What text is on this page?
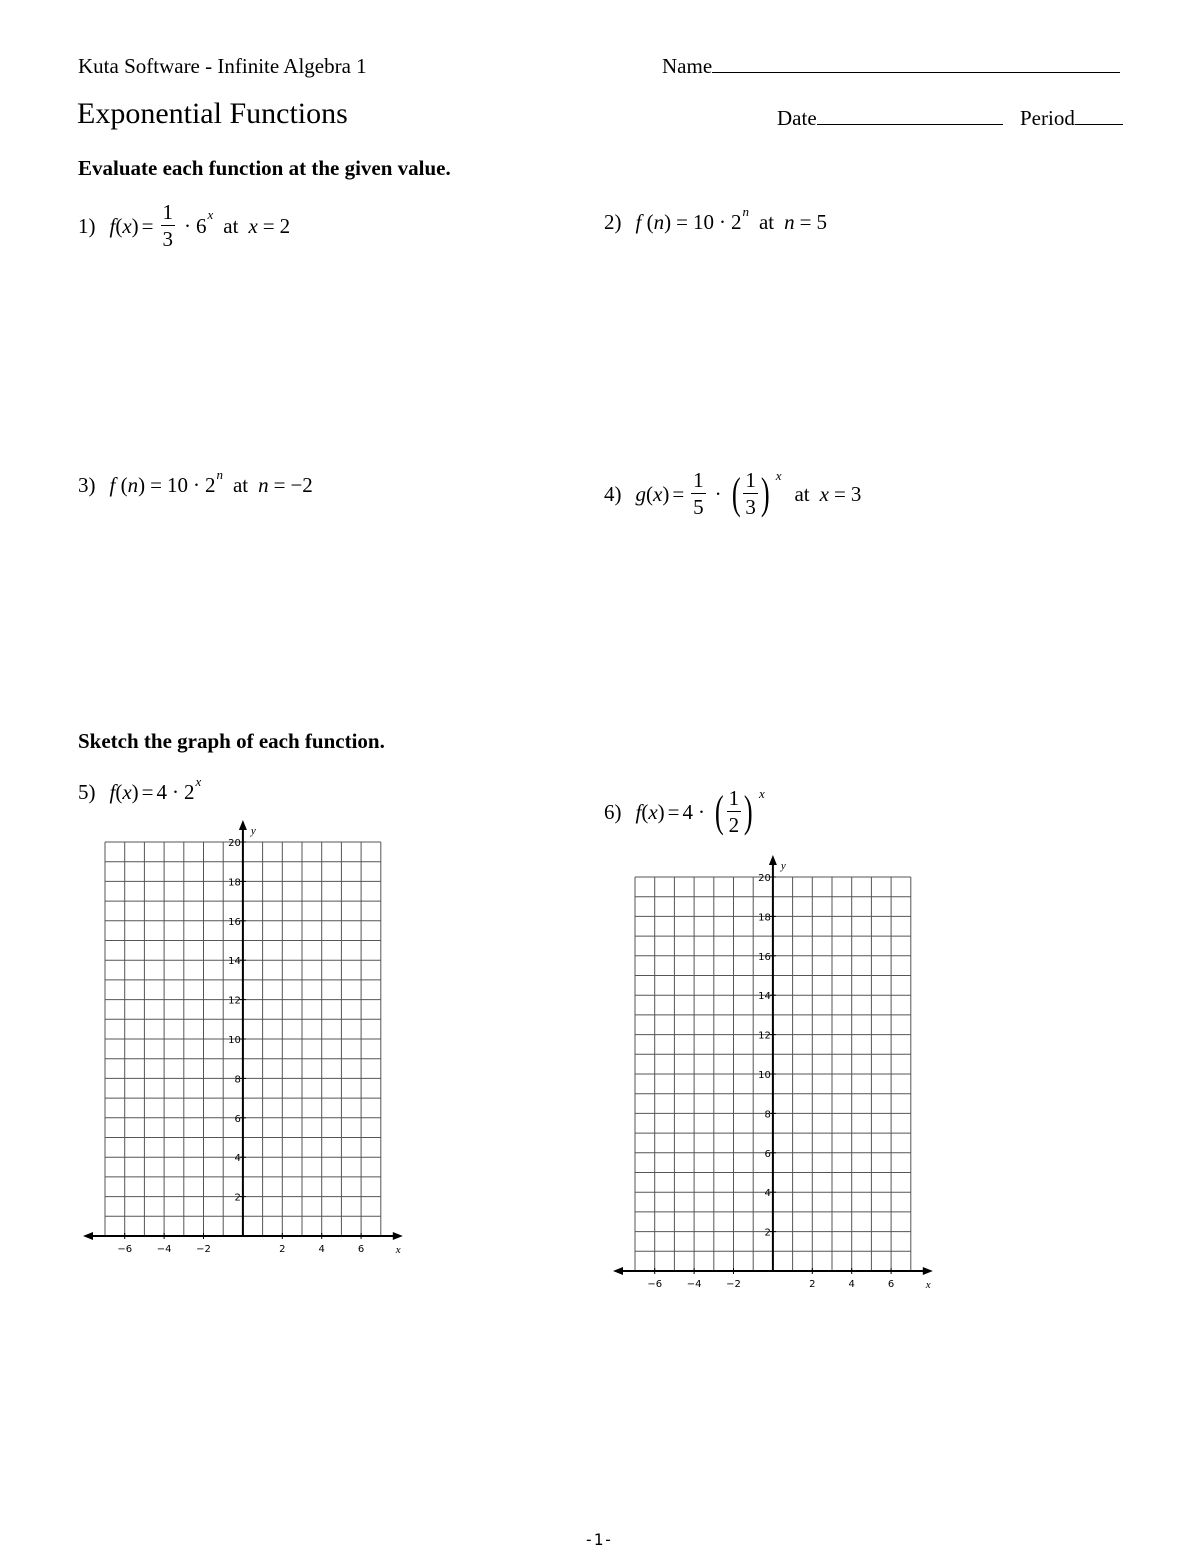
Kuta Software - Infinite Algebra 1
Exponential Functions
Name
Date	Period
Evaluate each function at the given value.
1) f ( x ) = $\frac{1}{3} \cdot 6$ x at x = 2	2) f ( n ) = 10 · 2 n at n = 5
3) f ( n ) = 10 · 2 n at n = −2	4) g ( x ) = $\frac{1}{5}$ · ( $\frac{1}{3}$ ) x
at x = 3
Sketch the graph of each function.
5) f ( x ) = 4 · 2 x
6) f ( x ) = 4 · ( $\frac{1}{2}$ ) x
x
y
−6 −4 −2	2	4	6
2
4
6
8
10
12
14
16
18
20
x
y
−6 −4 −2	2	4	6
2
4
6
8
10
12
14
16
18
20
-1-
